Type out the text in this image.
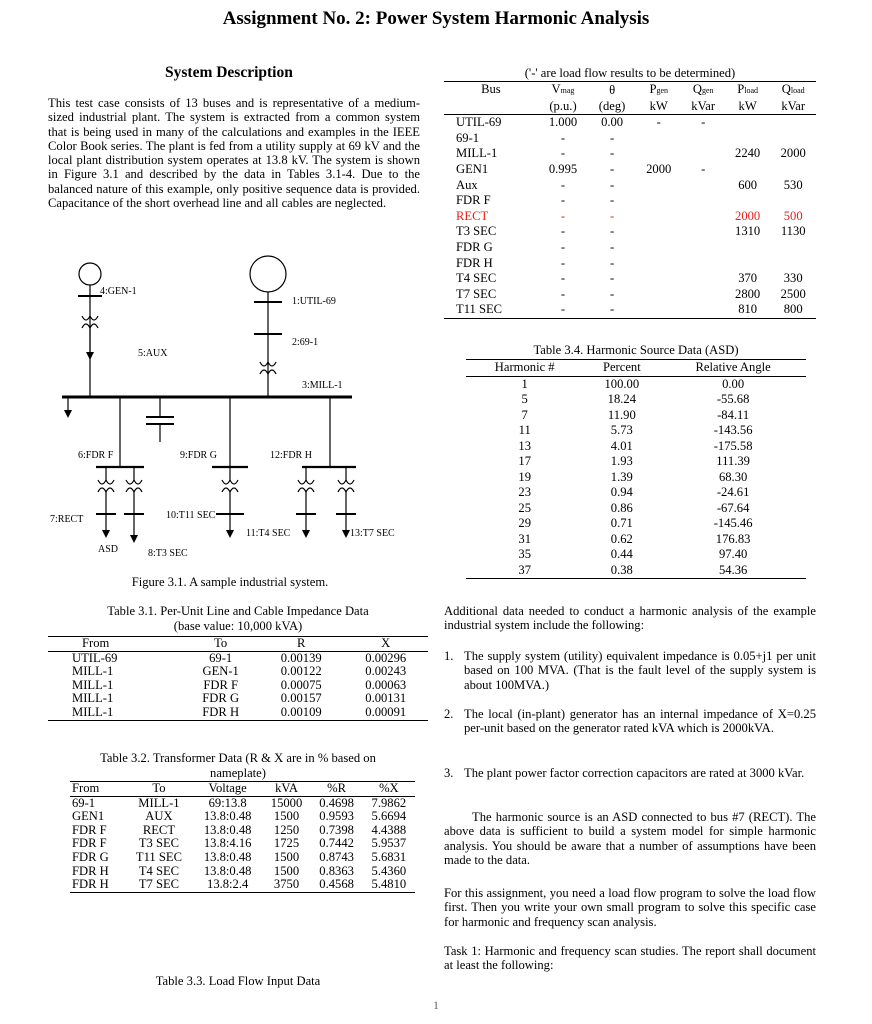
Assignment No. 2: Power System Harmonic Analysis
System Description

This test case consists of 13 buses and is representative of a medium-sized industrial plant. The system is extracted from a common system that is being used in many of the calculations and examples in the IEEE Color Book series. The plant is fed from a utility supply at 69 kV and the local plant distribution system operates at 13.8 kV. The system is shown in Figure 3.1 and described by the data in Tables 3.1-4. Due to the balanced nature of this example, only positive sequence data is provided. Capacitance of the short overhead line and all cables are neglected.

4:GEN-1
1:UTIL-69
2:69-1
5:AUX
3:MILL-1
6:FDR F	9:FDR G	12:FDR H
7:RECT	10:T11 SEC
11:T4 SEC	13:T7 SEC
ASD	8:T3 SEC
Figure 3.1. A sample industrial system.
Table 3.1. Per-Unit Line and Cable Impedance Data
(base value: 10,000 kVA)
From	To	R	X
UTIL-69	69-1	0.00139	0.00296
MILL-1	GEN-1	0.00122	0.00243
MILL-1	FDR F	0.00075	0.00063
MILL-1	FDR G	0.00157	0.00131
MILL-1	FDR H	0.00109	0.00091
Table 3.2. Transformer Data (R & X are in % based on
nameplate)
From	To	Voltage	kVA	%R	%X
69-1	MILL-1	69:13.8	15000	0.4698	7.9862
GEN1	AUX	13.8:0.48	1500	0.9593	5.6694
FDR F	RECT	13.8:0.48	1250	0.7398	4.4388
FDR F	T3 SEC	13.8:4.16	1725	0.7442	5.9537
FDR G	T11 SEC	13.8:0.48	1500	0.8743	5.6831
FDR H	T4 SEC	13.8:0.48	1500	0.8363	5.4360
FDR H	T7 SEC	13.8:2.4	3750	0.4568	5.4810
Table 3.3. Load Flow Input Data
('-' are load flow results to be determined)
Bus	Vmag	θ	Pgen	Qgen	Pload	Qload
	(p.u.)	(deg)	kW	kVar	kW	kVar
UTIL-69	1.000	0.00	-	-		
69-1	-	-				
MILL-1	-	-			2240	2000
GEN1	0.995	-	2000	-		
Aux	-	-			600	530
FDR F	-	-				
RECT	-	-			2000	500
T3 SEC	-	-			1310	1130
FDR G	-	-				
FDR H	-	-				
T4 SEC	-	-			370	330
T7 SEC	-	-			2800	2500
T11 SEC	-	-			810	800
Table 3.4. Harmonic Source Data (ASD)
Harmonic #	Percent	Relative Angle
1	100.00	0.00
5	18.24	-55.68
7	11.90	-84.11
11	5.73	-143.56
13	4.01	-175.58
17	1.93	111.39
19	1.39	68.30
23	0.94	-24.61
25	0.86	-67.64
29	0.71	-145.46
31	0.62	176.83
35	0.44	97.40
37	0.38	54.36

Additional data needed to conduct a harmonic analysis of the example industrial system include the following:

1. The supply system (utility) equivalent impedance is 0.05+j1 per unit based on 100 MVA. (That is the fault level of the supply system is about 100MVA.)
2. The local (in-plant) generator has an internal impedance of X=0.25 per-unit based on the generator rated kVA which is 2000kVA.
3. The plant power factor correction capacitors are rated at 3000 kVar.

The harmonic source is an ASD connected to bus #7 (RECT). The above data is sufficient to build a system model for simple harmonic analysis. You should be aware that a number of assumptions have been made to the data.

For this assignment, you need a load flow program to solve the load flow first. Then you write your own small program to solve this specific case for harmonic and frequency scan analysis.

Task 1: Harmonic and frequency scan studies. The report shall document at least the following:

1
